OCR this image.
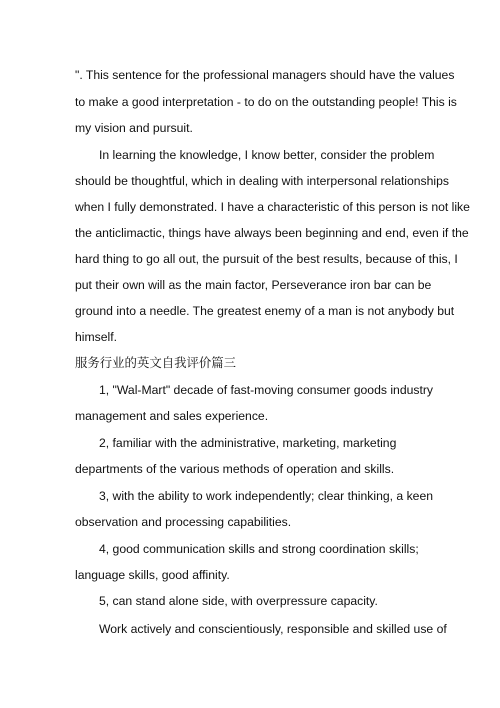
". This sentence for the professional managers should have the values

to make a good interpretation - to do on the outstanding people! This is

my vision and pursuit.

In learning the knowledge, I know better, consider the problem

should be thoughtful, which in dealing with interpersonal relationships

when I fully demonstrated. I have a characteristic of this person is not like

the anticlimactic, things have always been beginning and end, even if the

hard thing to go all out, the pursuit of the best results, because of this, I

put their own will as the main factor, Perseverance iron bar can be

ground into a needle. The greatest enemy of a man is not anybody but

himself.

服务行业的英文自我评价篇三

1, "Wal-Mart" decade of fast-moving consumer goods industry

management and sales experience.

2, familiar with the administrative, marketing, marketing

departments of the various methods of operation and skills.

3, with the ability to work independently; clear thinking, a keen

observation and processing capabilities.

4, good communication skills and strong coordination skills;

language skills, good affinity.

5, can stand alone side, with overpressure capacity.

Work actively and conscientiously, responsible and skilled use of
